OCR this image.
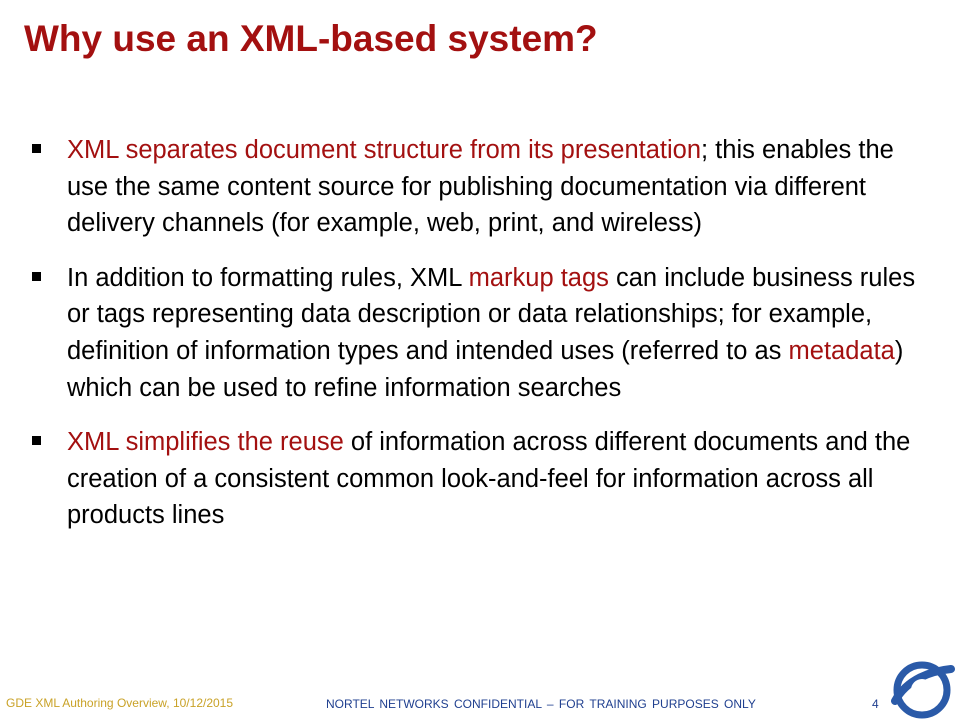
Why use an XML-based system?
XML separates document structure from its presentation; this enables the use the same content source for publishing documentation via different delivery channels (for example, web, print, and wireless)
In addition to formatting rules, XML markup tags can include business rules or tags representing data description or data relationships; for example, definition of information types and intended uses (referred to as metadata) which can be used to refine information searches
XML simplifies the reuse of information across different documents and the creation of a consistent common look-and-feel for information across all products lines
GDE XML Authoring Overview, 10/12/2015	NORTEL NETWORKS CONFIDENTIAL – FOR TRAINING PURPOSES ONLY	4
